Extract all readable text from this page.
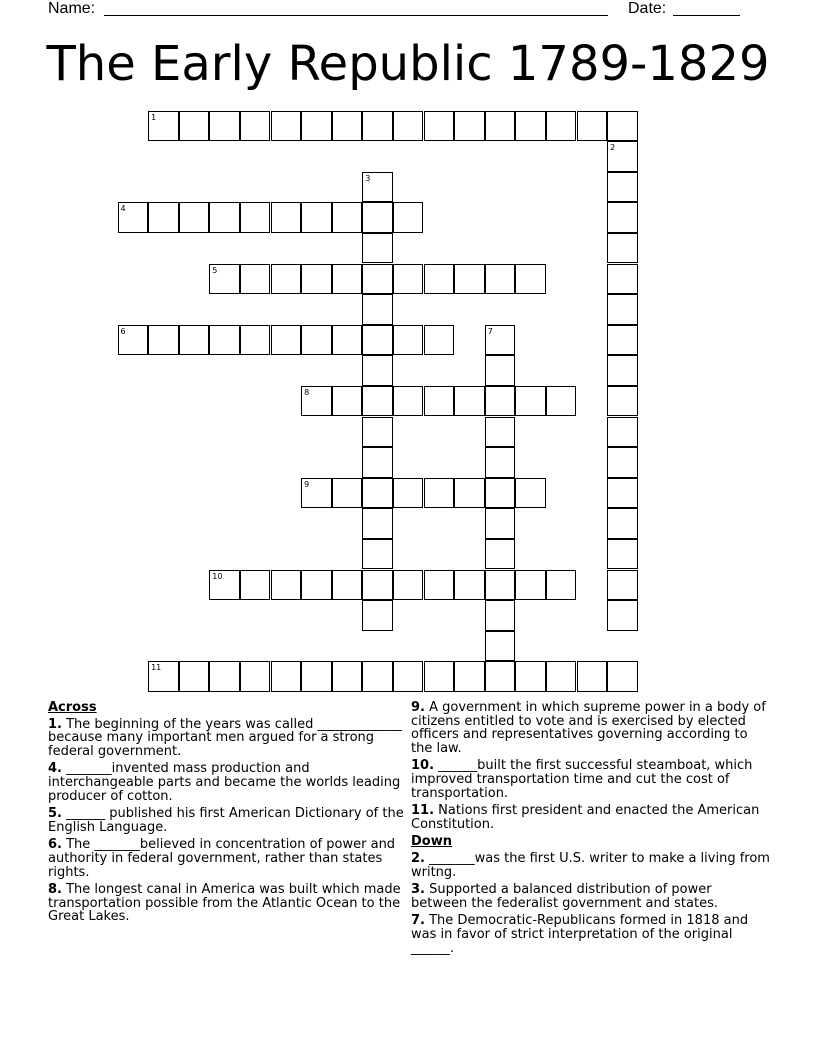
Name:	Date:
The Early Republic 1789-1829
1
2
3
4
5
6	7
8
9
10
11
Across
1. The beginning of the years was called _____________ because many important men argued for a strong federal government.
4. _______invented mass production and interchangeable parts and became the worlds leading producer of cotton.
5. ______ published his first American Dictionary of the English Language.
6. The _______believed in concentration of power and authority in federal government, rather than states rights.
8. The longest canal in America was built which made transportation possible from the Atlantic Ocean to the Great Lakes.
9. A government in which supreme power in a body of citizens entitled to vote and is exercised by elected officers and representatives governing according to the law.
10. ______built the first successful steamboat, which improved transportation time and cut the cost of transportation.
11. Nations first president and enacted the American Constitution.
Down
2. _______was the first U.S. writer to make a living from writng.
3. Supported a balanced distribution of power between the federalist government and states.
7. The Democratic-Republicans formed in 1818 and was in favor of strict interpretation of the original ______.
